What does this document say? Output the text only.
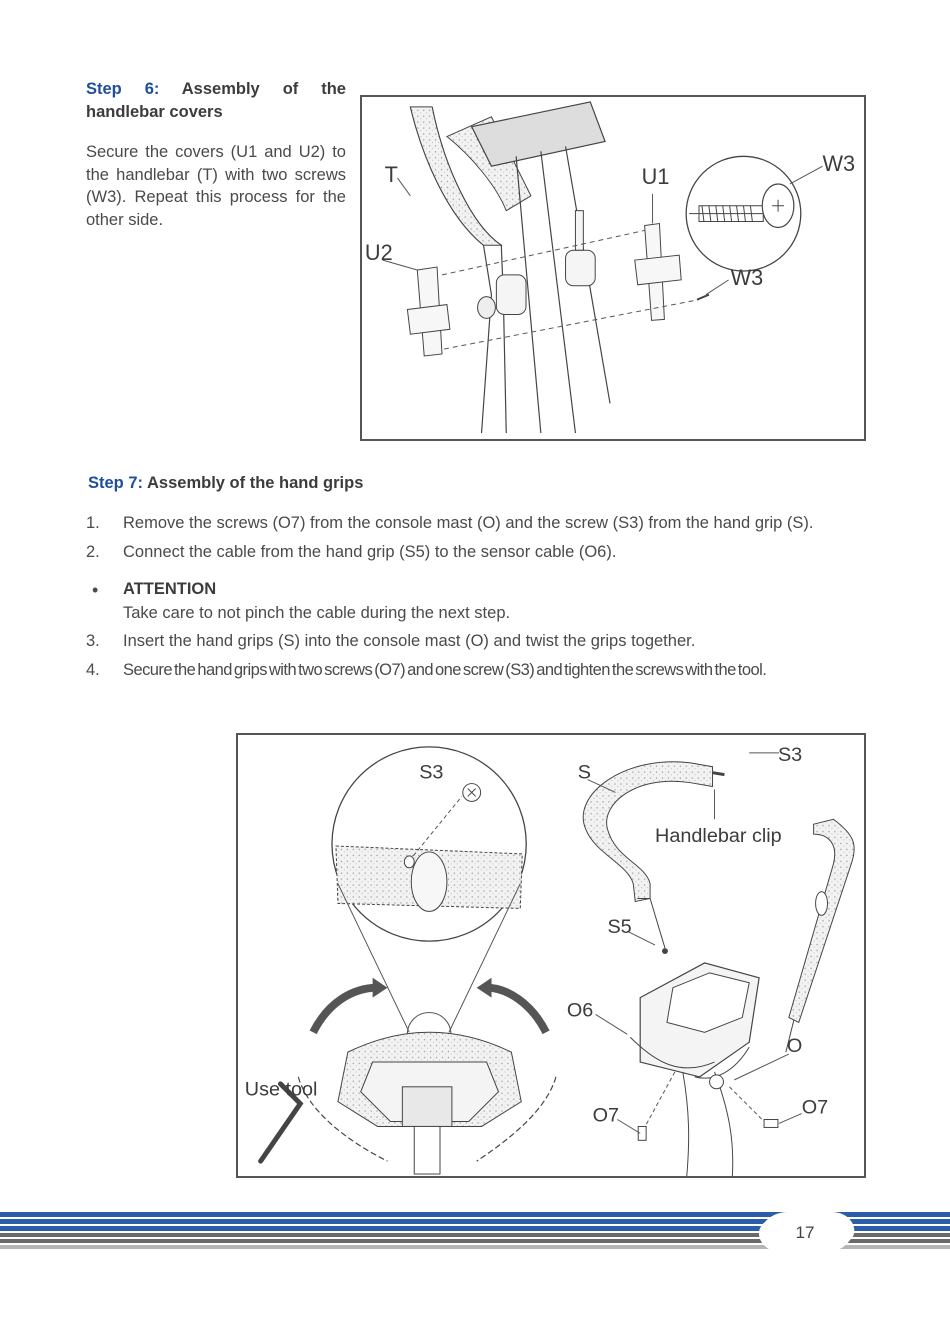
Step 6: Assembly of the handlebar covers
Secure the covers (U1 and U2) to the handlebar (T) with two screws (W3). Repeat this process for the other side.
T
U2
U1
W3
W3
Step 7: Assembly of the hand grips
1. Remove the screws (O7) from the console mast (O) and the screw (S3) from the hand grip (S).
2. Connect the cable from the hand grip (S5) to the sensor cable (O6).
• ATTENTION
Take care to not pinch the cable during the next step.
3. Insert the hand grips (S) into the console mast (O) and twist the grips together.
4. Secure the hand grips with two screws (O7) and one screw (S3) and tighten the screws with the tool.
S3	S
S3
Handlebar clip
S5
O6
O
O7	O7
Use tool
17
